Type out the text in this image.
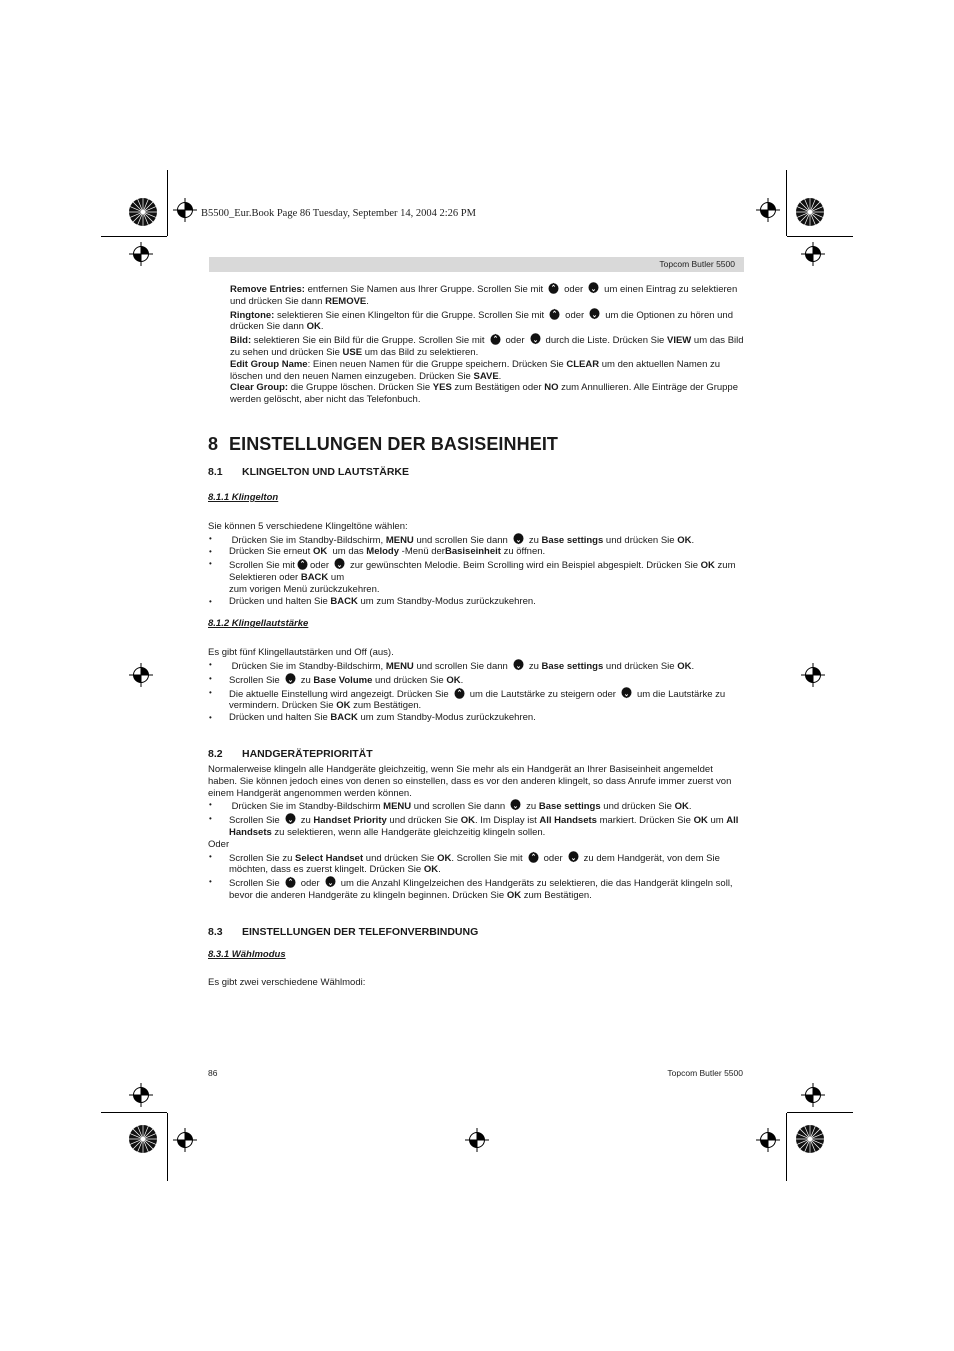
B5500_Eur.Book Page 86 Tuesday, September 14, 2004 2:26 PM
Topcom Butler 5500

Remove Entries: entfernen Sie Namen aus Ihrer Gruppe. Scrollen Sie mit oder um einen Eintrag zu selektieren und drücken Sie dann REMOVE.

Ringtone: selektieren Sie einen Klingelton für die Gruppe. Scrollen Sie mit oder um die Optionen zu hören und drücken Sie dann OK.

Bild: selektieren Sie ein Bild für die Gruppe. Scrollen Sie mit oder durch die Liste. Drücken Sie VIEW um das Bild zu sehen und drücken Sie USE um das Bild zu selektieren.

Edit Group Name: Einen neuen Namen für die Gruppe speichern. Drücken Sie CLEAR um den aktuellen Namen zu löschen und den neuen Namen einzugeben. Drücken Sie SAVE.

Clear Group: die Gruppe löschen. Drücken Sie YES zum Bestätigen oder NO zum Annullieren. Alle Einträge der Gruppe werden gelöscht, aber nicht das Telefonbuch.

8 EINSTELLUNGEN DER BASISEINHEIT
8.1 KLINGELTON UND LAUTSTÄRKE
8.1.1 Klingelton

Sie können 5 verschiedene Klingeltöne wählen:

• Drücken Sie im Standby-Bildschirm, MENU und scrollen Sie dann zu Base settings und drücken Sie OK.
• Drücken Sie erneut OK um das Melody -Menü derBasiseinheit zu öffnen.
• Scrollen Sie mit oder zur gewünschten Melodie. Beim Scrolling wird ein Beispiel abgespielt. Drücken Sie OK zum Selektieren oder BACK um
zum vorigen Menü zurückzukehren.
• Drücken und halten Sie BACK um zum Standby-Modus zurückzukehren.
8.1.2 Klingellautstärke

Es gibt fünf Klingellautstärken und Off (aus).

• Drücken Sie im Standby-Bildschirm, MENU und scrollen Sie dann zu Base settings und drücken Sie OK.
• Scrollen Sie zu Base Volume und drücken Sie OK.
• Die aktuelle Einstellung wird angezeigt. Drücken Sie um die Lautstärke zu steigern oder um die Lautstärke zu vermindern. Drücken Sie OK zum Bestätigen.
• Drücken und halten Sie BACK um zum Standby-Modus zurückzukehren.
8.2 HANDGERÄTEPRIORITÄT

Normalerweise klingeln alle Handgeräte gleichzeitig, wenn Sie mehr als ein Handgerät an Ihrer Basiseinheit angemeldet haben. Sie können jedoch eines von denen so einstellen, dass es vor den anderen klingelt, so dass Anrufe immer zuerst von einem Handgerät angenommen werden können.

• Drücken Sie im Standby-Bildschirm MENU und scrollen Sie dann zu Base settings und drücken Sie OK.
• Scrollen Sie zu Handset Priority und drücken Sie OK. Im Display ist All Handsets markiert. Drücken Sie OK um All Handsets zu selektieren, wenn alle Handgeräte gleichzeitig klingeln sollen.

Oder

• Scrollen Sie zu Select Handset und drücken Sie OK. Scrollen Sie mit oder zu dem Handgerät, von dem Sie möchten, dass es zuerst klingelt. Drücken Sie OK.
• Scrollen Sie oder um die Anzahl Klingelzeichen des Handgeräts zu selektieren, die das Handgerät klingeln soll, bevor die anderen Handgeräte zu klingeln beginnen. Drücken Sie OK zum Bestätigen.
8.3 EINSTELLUNGEN DER TELEFONVERBINDUNG
8.3.1 Wählmodus

Es gibt zwei verschiedene Wählmodi:

86	Topcom Butler 5500
